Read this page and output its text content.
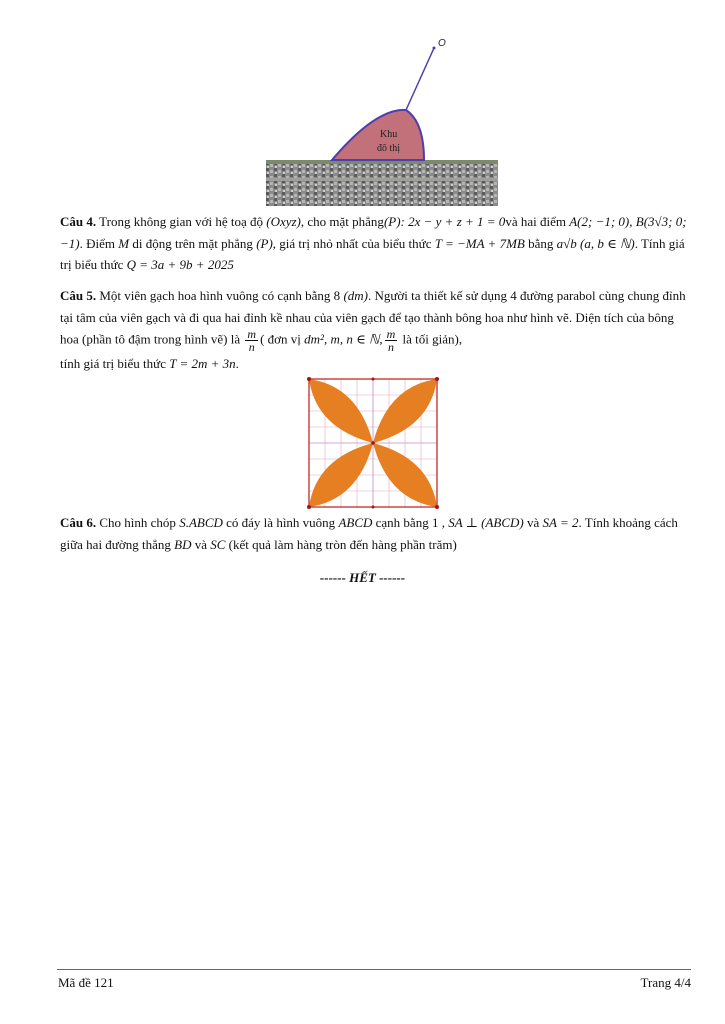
O
Khu
đô thị
Câu 4. Trong không gian với hệ toạ độ (Oxyz), cho mặt phẳng(P): 2x − y + z + 1 = 0và hai điểm A(2; −1; 0), B(3√3; 0; −1). Điểm M di động trên mặt phẳng (P), giá trị nhỏ nhất của biểu thức T = −MA + 7MB bằng a√b (a, b ∈ ℕ). Tính giá trị biểu thức Q = 3a + 9b + 2025
Câu 5. Một viên gạch hoa hình vuông có cạnh bằng 8 (dm). Người ta thiết kế sử dụng 4 đường parabol cùng chung đỉnh tại tâm của viên gạch và đi qua hai đỉnh kề nhau của viên gạch để tạo thành bông hoa như hình vẽ. Diện tích của bông hoa (phần tô đậm trong hình vẽ) là $\frac{m}{n}$ ( đơn vị dm², m, n ∈ ℕ, $\frac{m}{n}$ là tối giản),
tính giá trị biểu thức T = 2m + 3n.
Câu 6. Cho hình chóp S.ABCD có đáy là hình vuông ABCD cạnh bằng 1 , SA ⊥ (ABCD) và SA = 2. Tính khoảng cách giữa hai đường thẳng BD và SC (kết quả làm hàng tròn đến hàng phần trăm)
------ HẾT ------
Mã đề 121	Trang 4/4
